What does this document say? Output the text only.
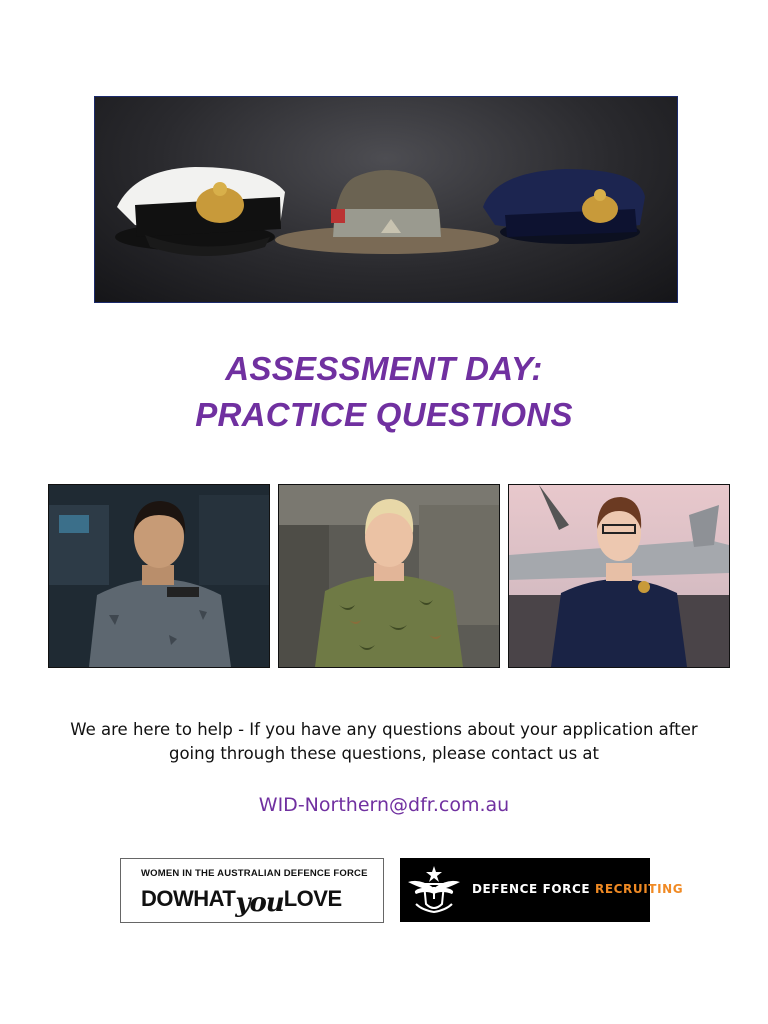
ASSESSMENT DAY:
PRACTICE QUESTIONS
We are here to help - If you have any questions about your application after going through these questions, please contact us at
WID-Northern@dfr.com.au
WOMEN IN THE AUSTRALIAN DEFENCE FORCE
DOWHATyouLOVE	DEFENCE FORCE RECRUITING
